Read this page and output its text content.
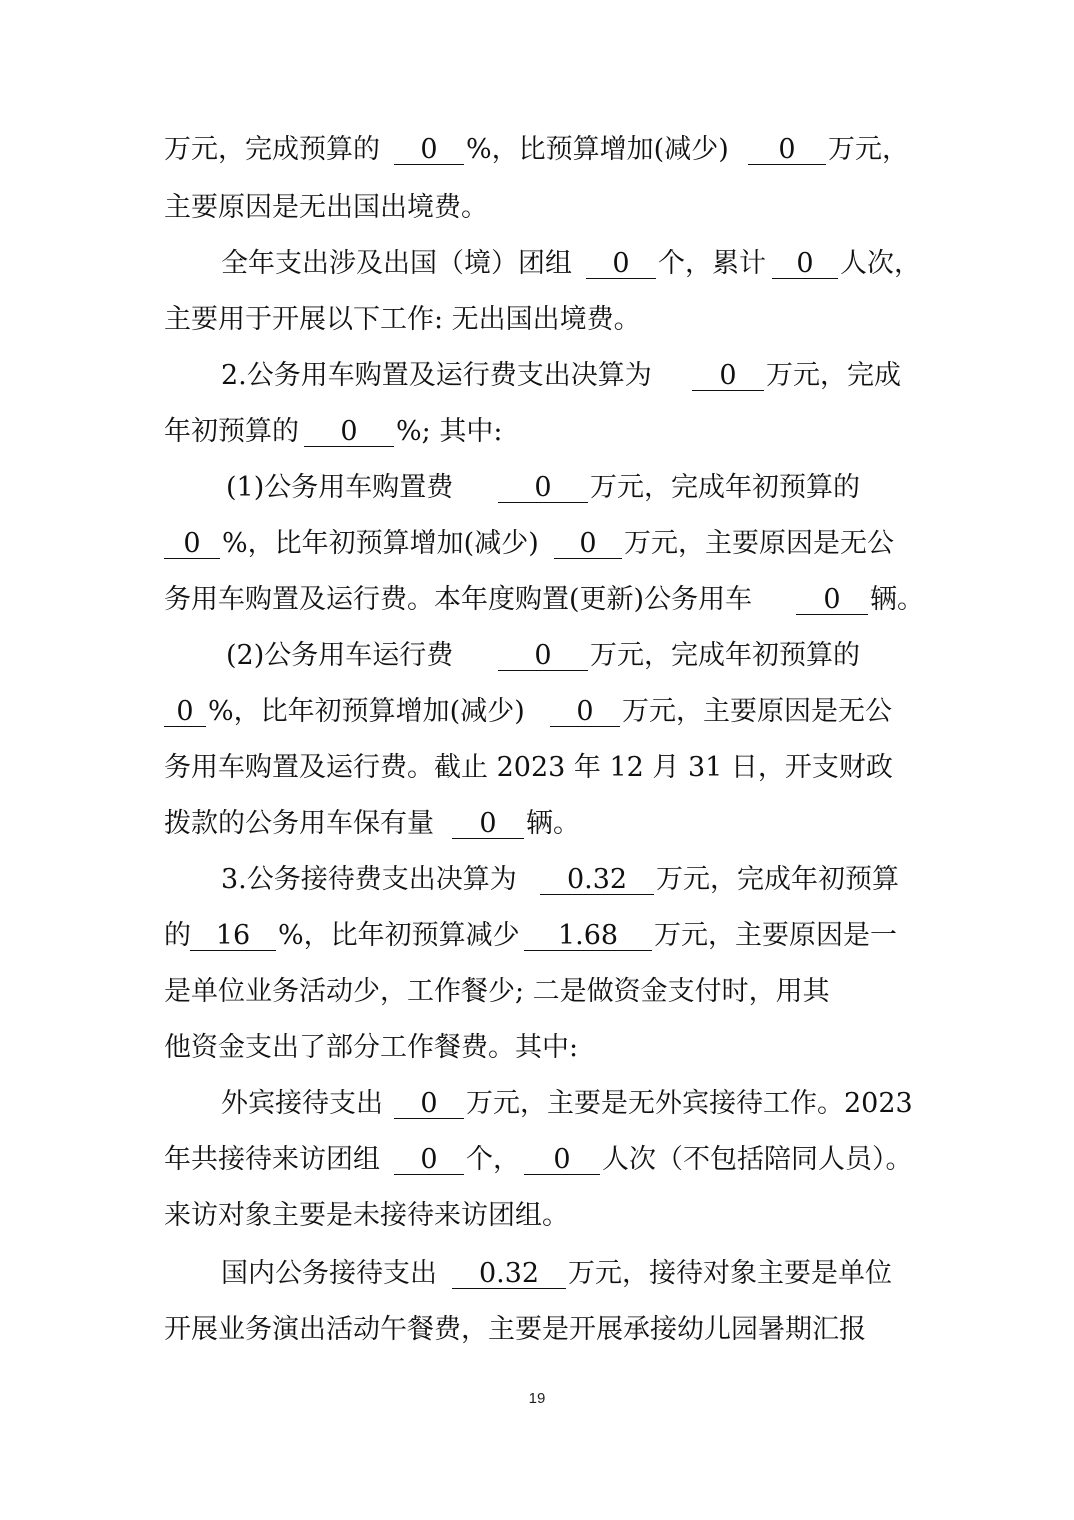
万元，完成预算的	0	%，比预算增加(减少)	0	万元，
主要原因是无出国出境费。
全年支出涉及出国（境）团组	0	个，累计	0 人次，
主要用于开展以下工作: 无出国出境费。
2.公务用车购置及运行费支出决算为	0	万元，完成
年初预算的	0	%; 其中:
(1)公务用车购置费	0	万元，完成年初预算的
0 %，比年初预算增加(减少)	0	万元，主要原因是无公
务用车购置及运行费。本年度购置(更新)公务用车	0	辆。
(2)公务用车运行费	0	万元，完成年初预算的
0 %，比年初预算增加(减少)	0	万元，主要原因是无公
务用车购置及运行费。截止 2023 年 12 月 31 日，开支财政
拨款的公务用车保有量	0	辆。
3.公务接待费支出决算为	0.32	万元，完成年初预算
的 16	%，比年初预算减少	1.68	万元，主要原因是一
是单位业务活动少，工作餐少; 二是做资金支付时，用其
他资金支出了部分工作餐费。其中:
外宾接待支出	0	万元，主要是无外宾接待工作。2023
年共接待来访团组	0	个，	0	人次（不包括陪同人员）。
来访对象主要是未接待来访团组。
国内公务接待支出	0.32	万元，接待对象主要是单位
开展业务演出活动午餐费，主要是开展承接幼儿园暑期汇报
19
